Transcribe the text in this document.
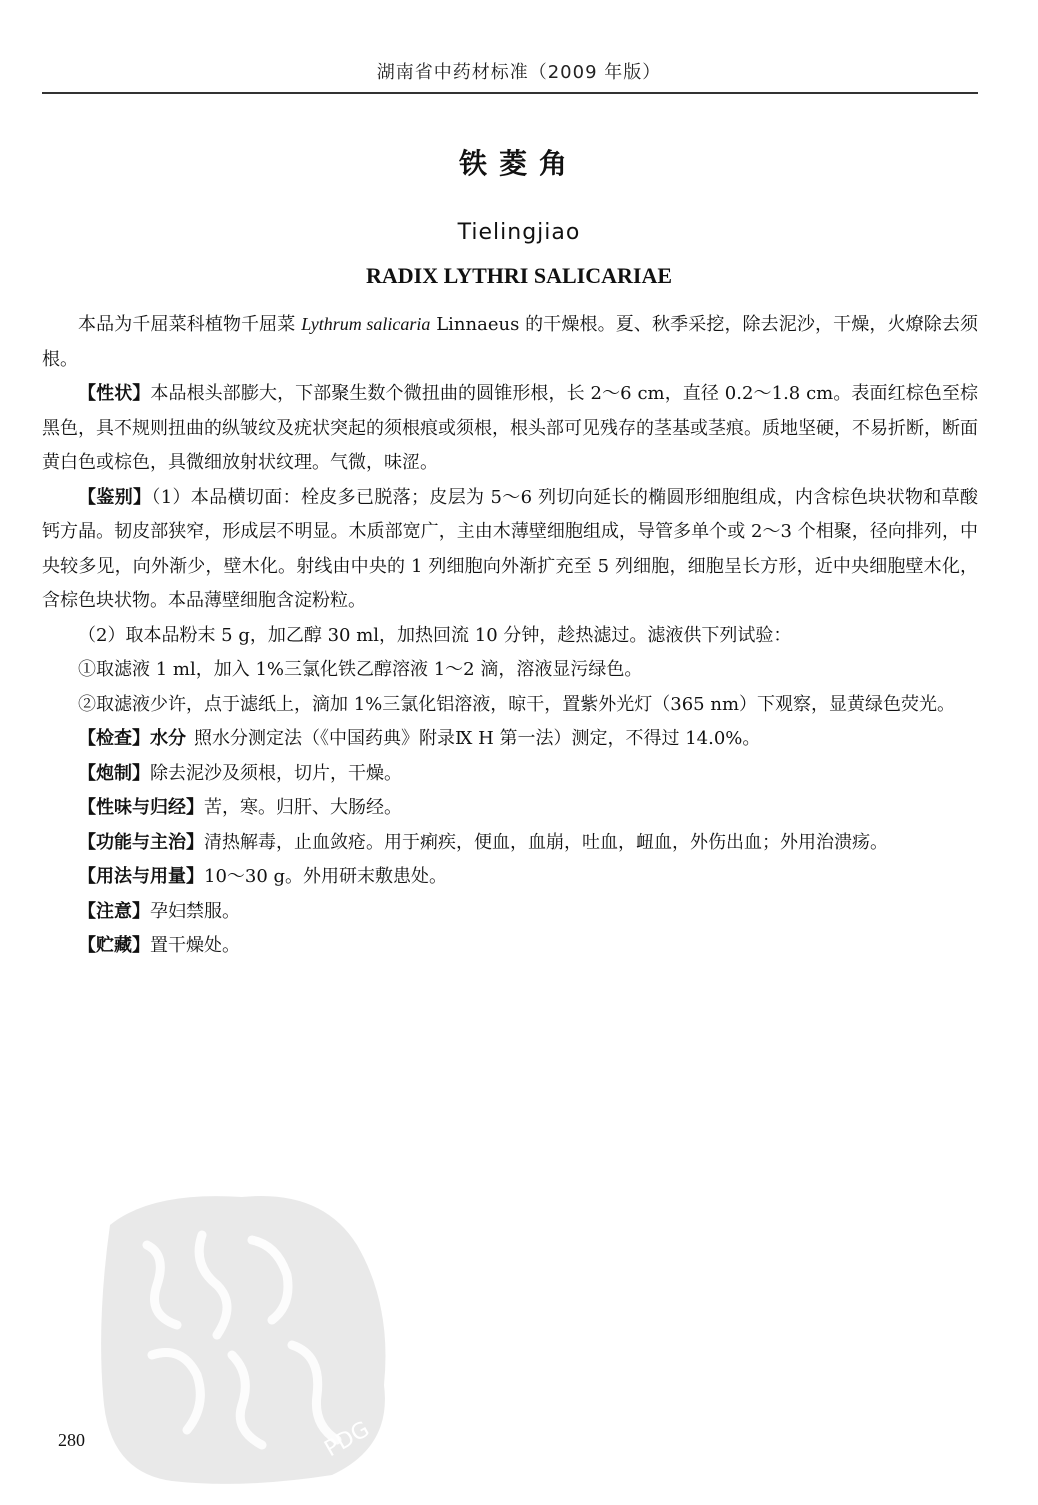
湖南省中药材标准（2009 年版）
铁菱角
Tielingjiao
RADIX LYTHRI SALICARIAE

本品为千屈菜科植物千屈菜 Lythrum salicaria Linnaeus 的干燥根。夏、秋季采挖，除去泥沙，干燥，火燎除去须根。

【性状】本品根头部膨大，下部聚生数个微扭曲的圆锥形根，长 2～6 cm，直径 0.2～1.8 cm。表面红棕色至棕黑色，具不规则扭曲的纵皱纹及疣状突起的须根痕或须根，根头部可见残存的茎基或茎痕。质地坚硬，不易折断，断面黄白色或棕色，具微细放射状纹理。气微，味涩。

【鉴别】（1）本品横切面：栓皮多已脱落；皮层为 5～6 列切向延长的椭圆形细胞组成，内含棕色块状物和草酸钙方晶。韧皮部狭窄，形成层不明显。木质部宽广，主由木薄壁细胞组成，导管多单个或 2～3 个相聚，径向排列，中央较多见，向外渐少，壁木化。射线由中央的 1 列细胞向外渐扩充至 5 列细胞，细胞呈长方形，近中央细胞壁木化，含棕色块状物。本品薄壁细胞含淀粉粒。

（2）取本品粉末 5 g，加乙醇 30 ml，加热回流 10 分钟，趁热滤过。滤液供下列试验：

①取滤液 1 ml，加入 1%三氯化铁乙醇溶液 1～2 滴，溶液显污绿色。

②取滤液少许，点于滤纸上，滴加 1%三氯化铝溶液，晾干，置紫外光灯（365 nm）下观察，显黄绿色荧光。

【检查】水分 照水分测定法（《中国药典》附录Ⅸ H 第一法）测定，不得过 14.0%。

【炮制】除去泥沙及须根，切片，干燥。

【性味与归经】苦，寒。归肝、大肠经。

【功能与主治】清热解毒，止血敛疮。用于痢疾，便血，血崩，吐血，衄血，外伤出血；外用治溃疡。

【用法与用量】10～30 g。外用研末敷患处。

【注意】孕妇禁服。

【贮藏】置干燥处。

PDG
280
